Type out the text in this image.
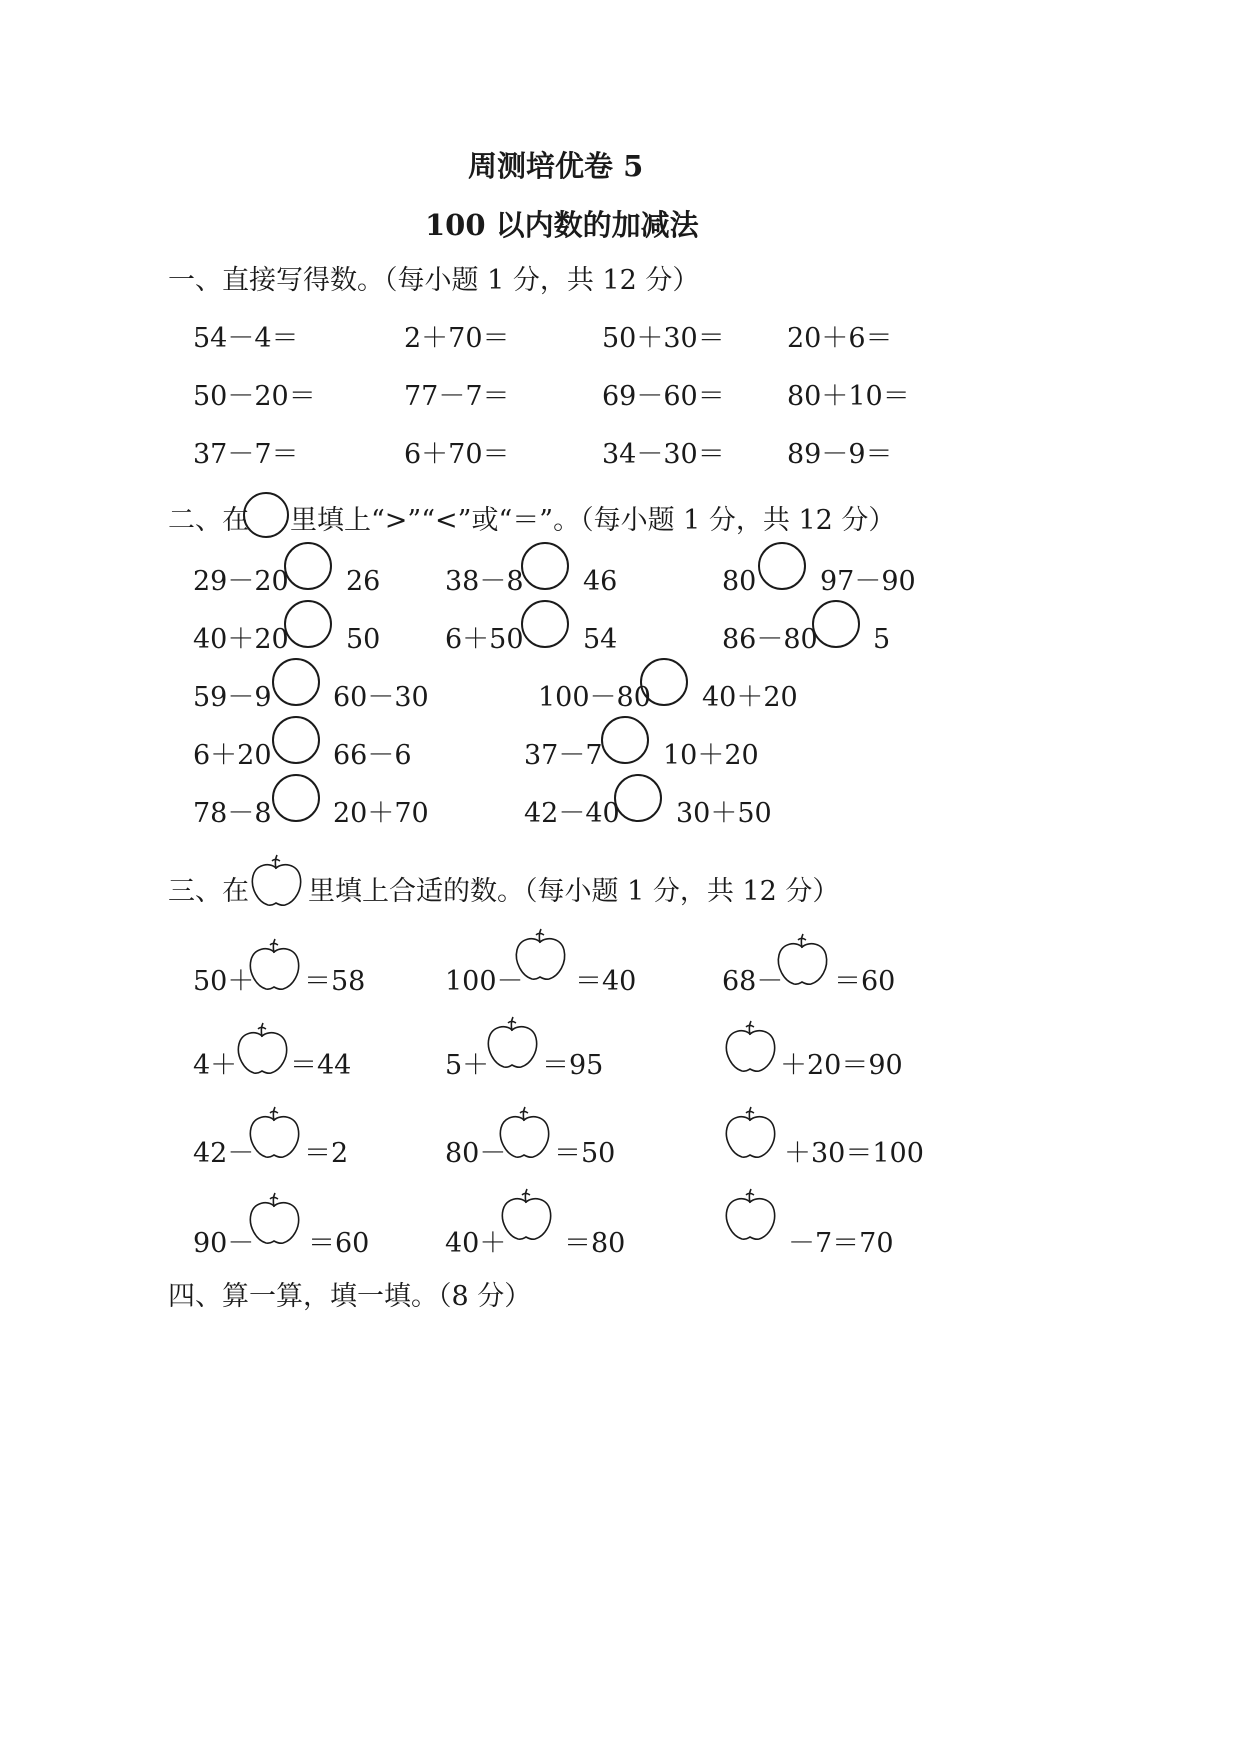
周测培优卷 5
100 以内数的加减法
一、直接写得数。（每小题 1 分，共 12 分）
54－4＝	2＋70＝	50＋30＝ 20＋6＝
50－20＝	77－7＝	69－60＝ 80＋10＝
37－7＝	6＋70＝	34－30＝ 89－9＝
二、在 里填上“>”“<”或“＝”。（每小题 1 分，共 12 分）
29－20 26 38－8 46	80 97－90
40＋20 50 6＋50 54	86－80 5
59－9 60－30	100－80 40＋20
6＋20 66－6	37－7 10＋20
78－8 20＋70	42－40 30＋50
三、在 里填上合适的数。（每小题 1 分，共 12 分）
50＋ ＝58	100－ ＝40	68－ ＝60
4＋ ＝44	5＋ ＝95	＋20＝90
42－ ＝2	80－ ＝50	＋30＝100
90－ ＝60	40＋ ＝80	－7＝70
四、算一算，填一填。（8 分）
